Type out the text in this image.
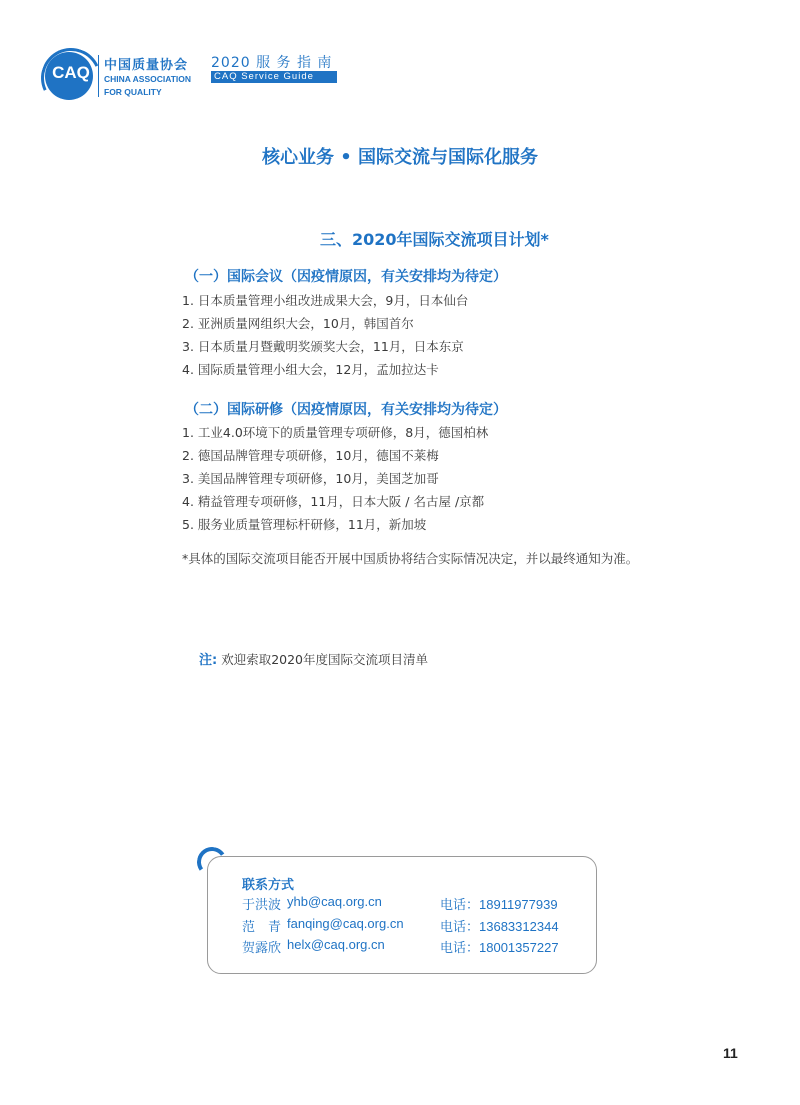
CAQ 中国质量协会
CHINA ASSOCIATION
FOR QUALITY
2020 服 务 指 南
CAQ Service Guide
核心业务 • 国际交流与国际化服务
三、2020年国际交流项目计划*
（一）国际会议（因疫情原因，有关安排均为待定）
1. 日本质量管理小组改进成果大会，9月，日本仙台
2. 亚洲质量网组织大会，10月，韩国首尔
3. 日本质量月暨戴明奖颁奖大会，11月，日本东京
4. 国际质量管理小组大会，12月，孟加拉达卡
（二）国际研修（因疫情原因，有关安排均为待定）
1. 工业4.0环境下的质量管理专项研修，8月，德国柏林
2. 德国品牌管理专项研修，10月，德国不莱梅
3. 美国品牌管理专项研修，10月，美国芝加哥
4. 精益管理专项研修，11月，日本大阪 / 名古屋 /京都
5. 服务业质量管理标杆研修，11月，新加坡
*具体的国际交流项目能否开展中国质协将结合实际情况决定，并以最终通知为准。
注: 欢迎索取2020年度国际交流项目清单
联系方式
于洪波 yhb@caq.org.cn	电话：18911977939
范　青 fanqing@caq.org.cn	电话：13683312344
贺露欣 helx@caq.org.cn	电话：18001357227
11
